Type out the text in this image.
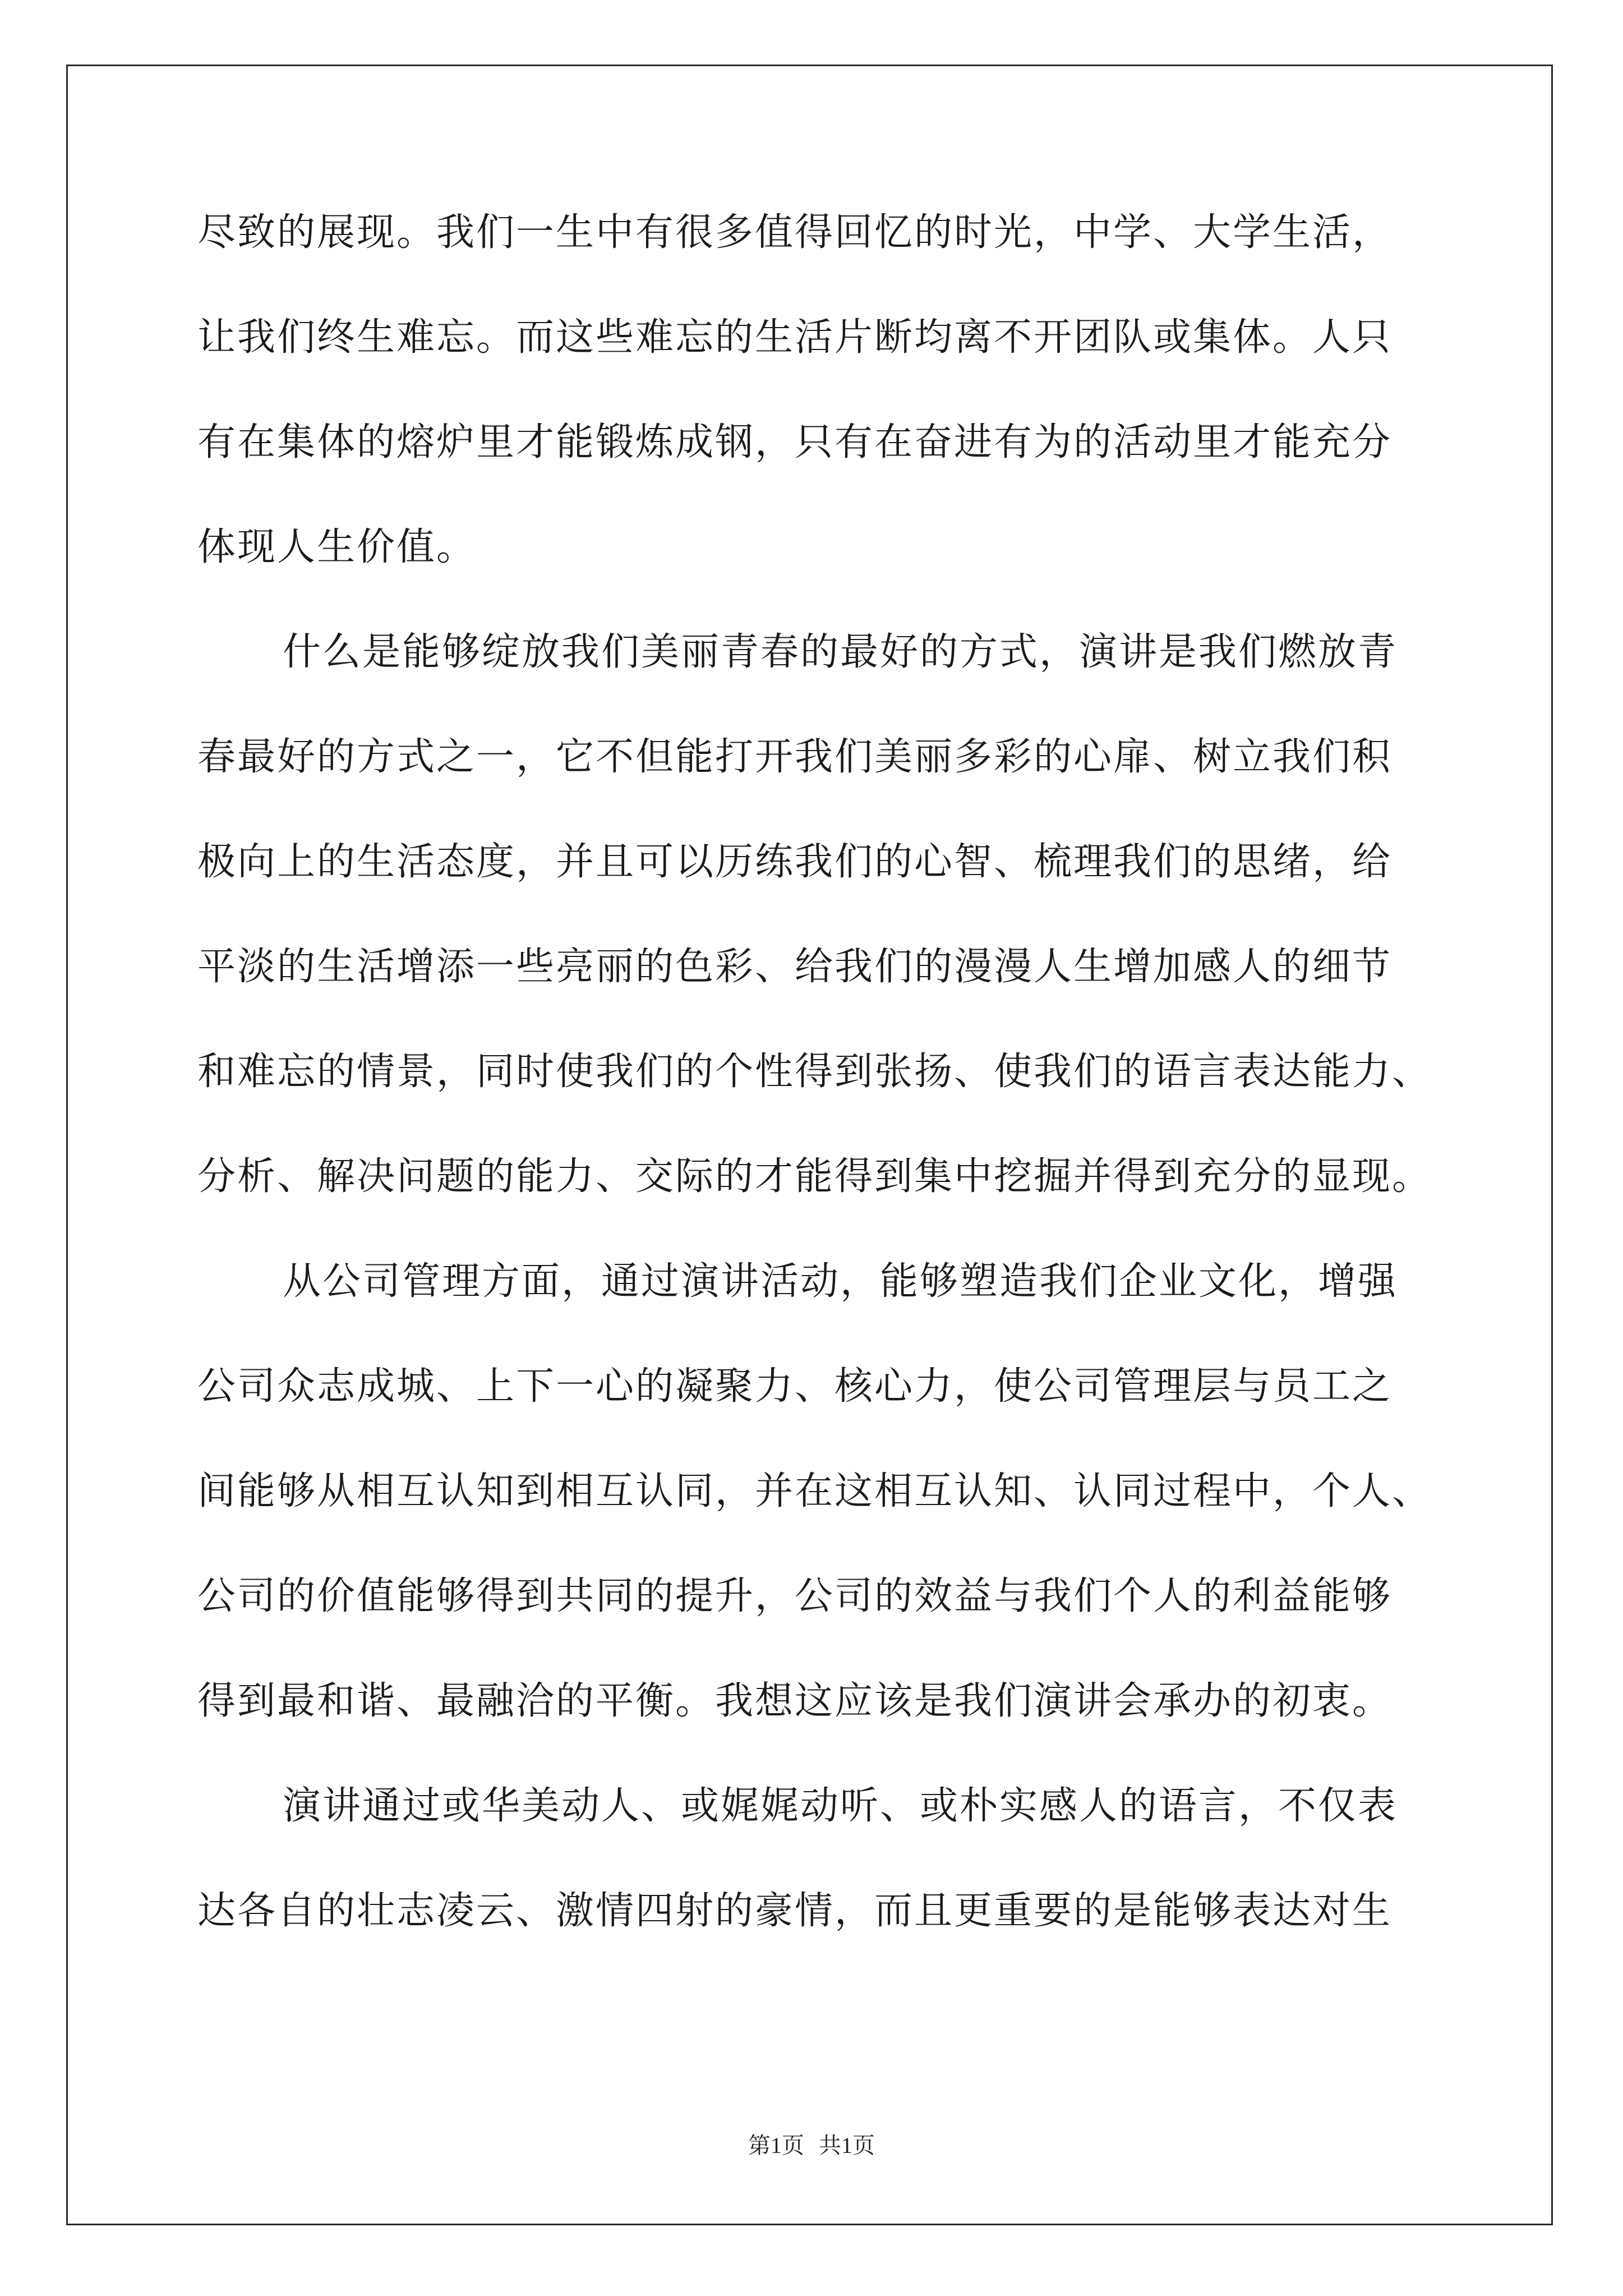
尽致的展现。我们一生中有很多值得回忆的时光，中学、大学生活，
让我们终生难忘。而这些难忘的生活片断均离不开团队或集体。人只
有在集体的熔炉里才能锻炼成钢，只有在奋进有为的活动里才能充分
体现人生价值。
什么是能够绽放我们美丽青春的最好的方式，演讲是我们燃放青
春最好的方式之一，它不但能打开我们美丽多彩的心扉、树立我们积
极向上的生活态度，并且可以历练我们的心智、梳理我们的思绪，给
平淡的生活增添一些亮丽的色彩、给我们的漫漫人生增加感人的细节
和难忘的情景，同时使我们的个性得到张扬、使我们的语言表达能力、
分析、解决问题的能力、交际的才能得到集中挖掘并得到充分的显现。
从公司管理方面，通过演讲活动，能够塑造我们企业文化，增强
公司众志成城、上下一心的凝聚力、核心力，使公司管理层与员工之
间能够从相互认知到相互认同，并在这相互认知、认同过程中，个人、
公司的价值能够得到共同的提升，公司的效益与我们个人的利益能够
得到最和谐、最融洽的平衡。我想这应该是我们演讲会承办的初衷。
演讲通过或华美动人、或娓娓动听、或朴实感人的语言，不仅表
达各自的壮志凌云、激情四射的豪情，而且更重要的是能够表达对生
第1页 共1页
